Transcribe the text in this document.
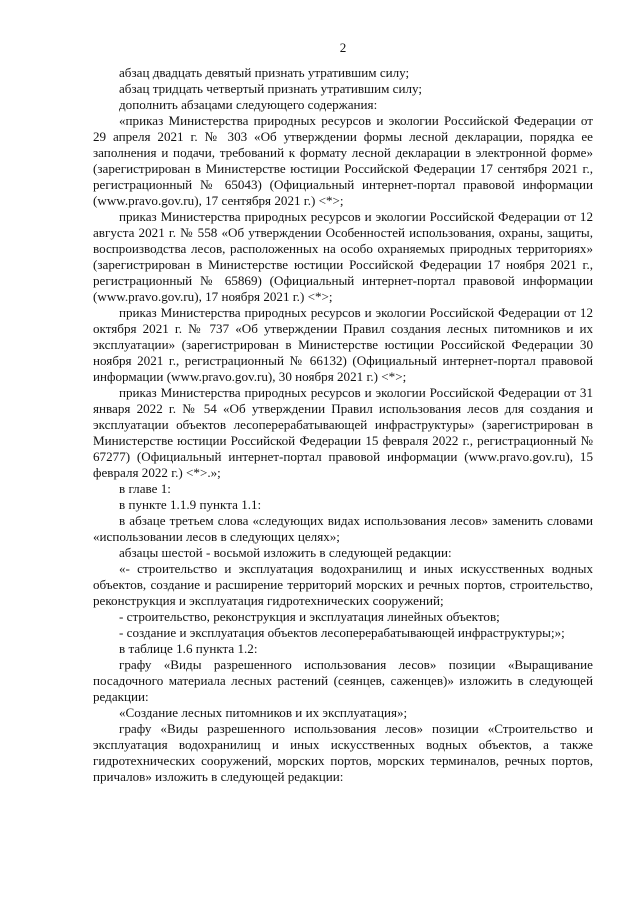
2

абзац двадцать девятый признать утратившим силу;

абзац тридцать четвертый признать утратившим силу;

дополнить абзацами следующего содержания:

«приказ Министерства природных ресурсов и экологии Российской Федерации от 29 апреля 2021 г. № 303 «Об утверждении формы лесной декларации, порядка ее заполнения и подачи, требований к формату лесной декларации в электронной форме» (зарегистрирован в Министерстве юстиции Российской Федерации 17 сентября 2021 г., регистрационный № 65043) (Официальный интернет-портал правовой информации (www.pravo.gov.ru), 17 сентября 2021 г.) <*>;

приказ Министерства природных ресурсов и экологии Российской Федерации от 12 августа 2021 г. № 558 «Об утверждении Особенностей использования, охраны, защиты, воспроизводства лесов, расположенных на особо охраняемых природных территориях» (зарегистрирован в Министерстве юстиции Российской Федерации 17 ноября 2021 г., регистрационный № 65869) (Официальный интернет-портал правовой информации (www.pravo.gov.ru), 17 ноября 2021 г.) <*>;

приказ Министерства природных ресурсов и экологии Российской Федерации от 12 октября 2021 г. № 737 «Об утверждении Правил создания лесных питомников и их эксплуатации» (зарегистрирован в Министерстве юстиции Российской Федерации 30 ноября 2021 г., регистрационный № 66132) (Официальный интернет-портал правовой информации (www.pravo.gov.ru), 30 ноября 2021 г.) <*>;

приказ Министерства природных ресурсов и экологии Российской Федерации от 31 января 2022 г. № 54 «Об утверждении Правил использования лесов для создания и эксплуатации объектов лесоперерабатывающей инфраструктуры» (зарегистрирован в Министерстве юстиции Российской Федерации 15 февраля 2022 г., регистрационный № 67277) (Официальный интернет-портал правовой информации (www.pravo.gov.ru), 15 февраля 2022 г.) <*>.»;

в главе 1:

в пункте 1.1.9 пункта 1.1:

в абзаце третьем слова «следующих видах использования лесов» заменить словами «использовании лесов в следующих целях»;

абзацы шестой - восьмой изложить в следующей редакции:

«- строительство и эксплуатация водохранилищ и иных искусственных водных объектов, создание и расширение территорий морских и речных портов, строительство, реконструкция и эксплуатация гидротехнических сооружений;

- строительство, реконструкция и эксплуатация линейных объектов;

- создание и эксплуатация объектов лесоперерабатывающей инфраструктуры;»;

в таблице 1.6 пункта 1.2:

графу «Виды разрешенного использования лесов» позиции «Выращивание посадочного материала лесных растений (сеянцев, саженцев)» изложить в следующей редакции:

«Создание лесных питомников и их эксплуатация»;

графу «Виды разрешенного использования лесов» позиции «Строительство и эксплуатация водохранилищ и иных искусственных водных объектов, а также гидротехнических сооружений, морских портов, морских терминалов, речных портов, причалов» изложить в следующей редакции:
